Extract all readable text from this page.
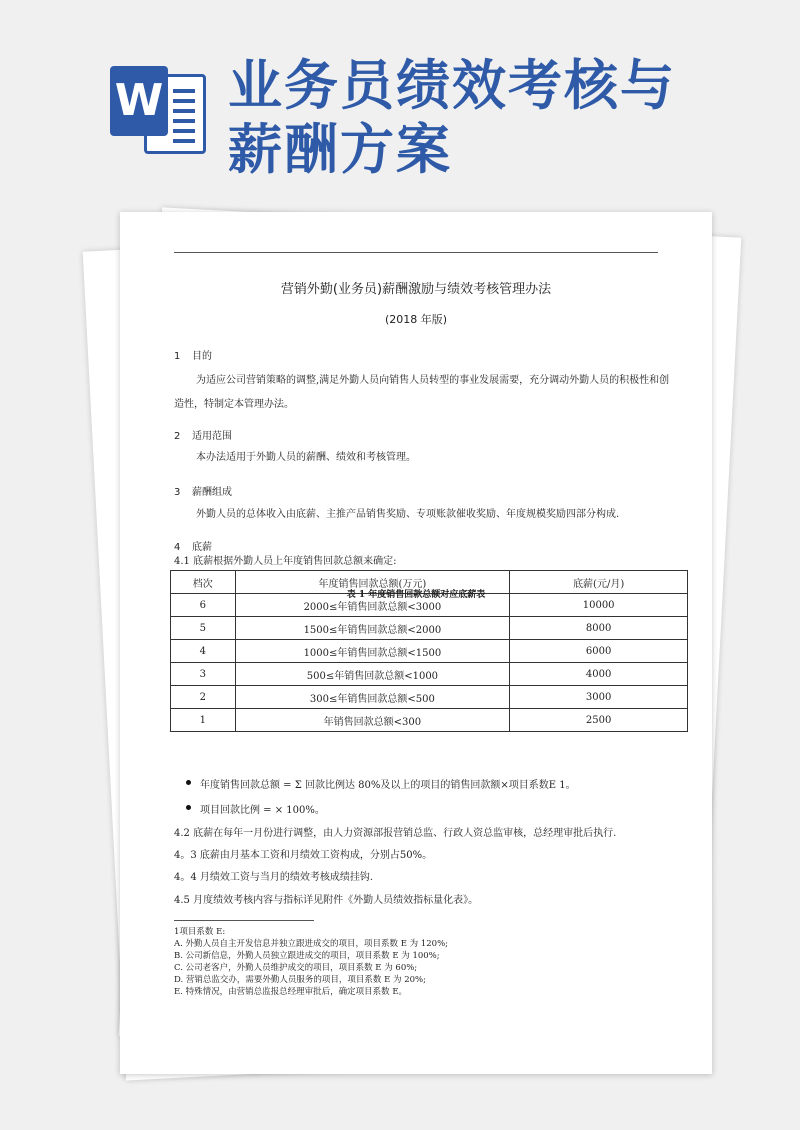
W 业务员绩效考核与
薪酬方案
营销外勤(业务员)薪酬激励与绩效考核管理办法
(2018 年版)
1 目的
为适应公司营销策略的调整,满足外勤人员向销售人员转型的事业发展需要，充分调动外勤人员的积极性和创造性，特制定本管理办法。
2 适用范围
本办法适用于外勤人员的薪酬、绩效和考核管理。
3 薪酬组成
外勤人员的总体收入由底薪、主推产品销售奖励、专项账款催收奖励、年度规模奖励四部分构成.
4 底薪
4.1 底薪根据外勤人员上年度销售回款总额来确定:
档次	年度销售回款总额(万元)	底薪(元/月)
6	2000≤年销售回款总额<3000	10000
5	1500≤年销售回款总额<2000	8000
4	1000≤年销售回款总额<1500	6000
3	500≤年销售回款总额<1000	4000
2	300≤年销售回款总额<500	3000
1	年销售回款总额<300	2500
表 1 年度销售回款总额对应底薪表
年度销售回款总额 = Σ 回款比例达 80%及以上的项目的销售回款额×项目系数E 1。
项目回款比例 = × 100%。
4.2 底薪在每年一月份进行调整，由人力资源部报营销总监、行政人资总监审核，总经理审批后执行.
4。3 底薪由月基本工资和月绩效工资构成，分别占50%。
4。4 月绩效工资与当月的绩效考核成绩挂钩.
4.5 月度绩效考核内容与指标详见附件《外勤人员绩效指标量化表》。
1项目系数 E:
A. 外勤人员自主开发信息并独立跟进成交的项目，项目系数 E 为 120%;
B. 公司新信息，外勤人员独立跟进成交的项目，项目系数 E 为 100%;
C. 公司老客户，外勤人员维护成交的项目，项目系数 E 为 60%;
D. 营销总监交办，需要外勤人员服务的项目，项目系数 E 为 20%;
E. 特殊情况，由营销总监报总经理审批后，确定项目系数 E。
